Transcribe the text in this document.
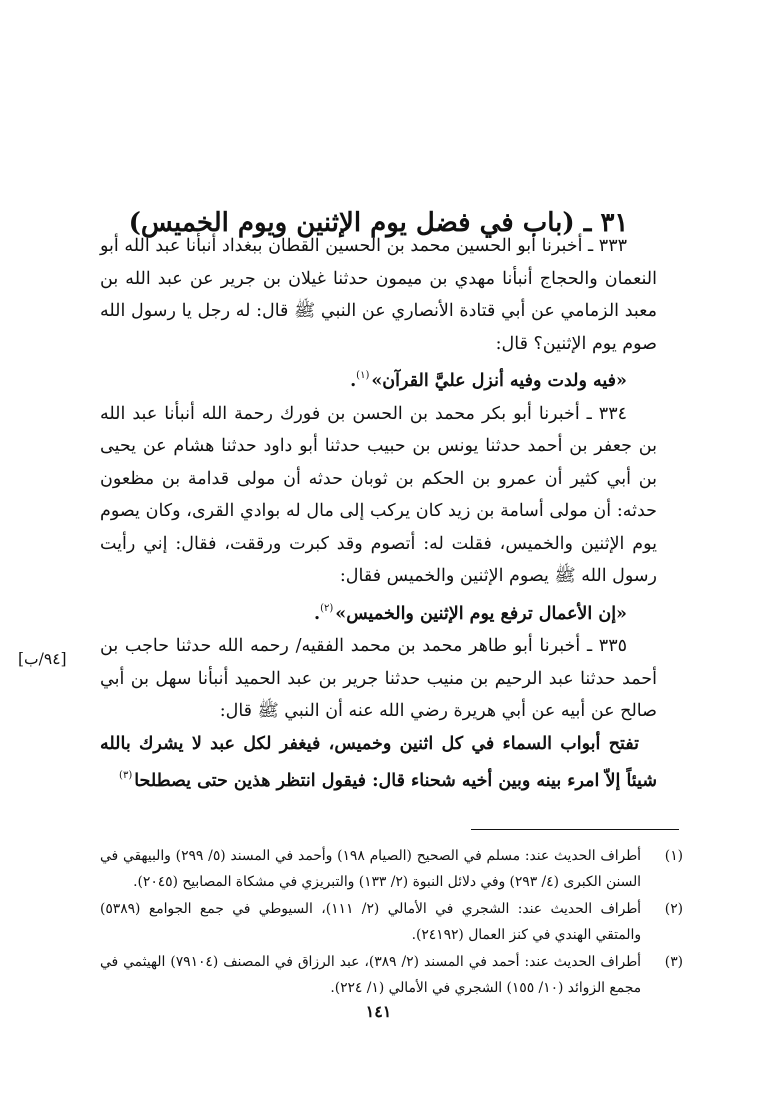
٣١ ـ (باب في فضل يوم الإثنين ويوم الخميس)

٣٣٣ ـ أخبرنا أبو الحسين محمد بن الحسين القطان ببغداد أنبأنا عبد الله أبو النعمان والحجاج أنبأنا مهدي بن ميمون حدثنا غيلان بن جرير عن عبد الله بن معبد الزمامي عن أبي قتادة الأنصاري عن النبي ﷺ قال: له رجل يا رسول الله صوم يوم الإثنين؟ قال:

«فيه ولدت وفيه أنزل عليَّ القرآن»$^{(١)}$.

٣٣٤ ـ أخبرنا أبو بكر محمد بن الحسن بن فورك رحمة الله أنبأنا عبد الله بن جعفر بن أحمد حدثنا يونس بن حبيب حدثنا أبو داود حدثنا هشام عن يحيى بن أبي كثير أن عمرو بن الحكم بن ثوبان حدثه أن مولى قدامة بن مظعون حدثه: أن مولى أسامة بن زيد كان يركب إلى مال له بوادي القرى، وكان يصوم يوم الإثنين والخميس، فقلت له: أتصوم وقد كبرت ورققت، فقال: إني رأيت رسول الله ﷺ يصوم الإثنين والخميس فقال:

«إن الأعمال ترفع يوم الإثنين والخميس»$^{(٢)}$.

٣٣٥ ـ أخبرنا أبو طاهر محمد بن محمد الفقيه/ رحمه الله حدثنا حاجب بن أحمد حدثنا عبد الرحيم بن منيب حدثنا جرير بن عبد الحميد أنبأنا سهل بن أبي صالح عن أبيه عن أبي هريرة رضي الله عنه أن النبي ﷺ قال:

تفتح أبواب السماء في كل اثنين وخميس، فيغفر لكل عبد لا يشرك بالله شيئاً إلاّ امرء بينه وبين أخيه شحناء قال: فيقول انتظر هذين حتى يصطلحا$^{(٣)}$

[٩٤/ب]
(١)
أطراف الحديث عند: مسلم في الصحيح (الصيام ١٩٨) وأحمد في المسند (٥/ ٢٩٩) والبيهقي في السنن الكبرى (٤/ ٢٩٣) وفي دلائل النبوة (٢/ ١٣٣) والتبريزي في مشكاة المصابيح (٢٠٤٥).
(٢)
أطراف الحديث عند: الشجري في الأمالي (٢/ ١١١)، السيوطي في جمع الجوامع (٥٣٨٩) والمتقي الهندي في كنز العمال (٢٤١٩٢).
(٣)
أطراف الحديث عند: أحمد في المسند (٢/ ٣٨٩)، عبد الرزاق في المصنف (٧٩١٠٤) الهيثمي في مجمع الزوائد (١٠/ ١٥٥) الشجري في الأمالي (١/ ٢٢٤).
١٤١
